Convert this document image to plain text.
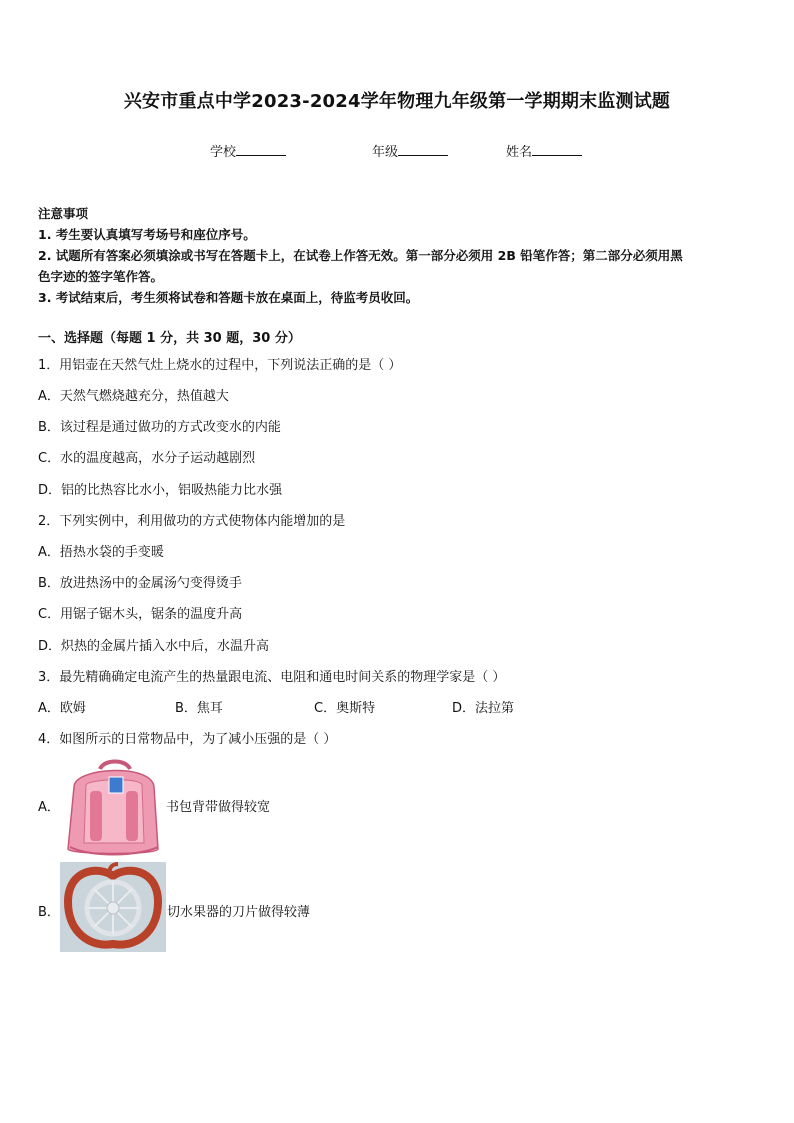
兴安市重点中学2023-2024学年物理九年级第一学期期末监测试题
学校	年级	姓名
注意事项
1. 考生要认真填写考场号和座位序号。
2. 试题所有答案必须填涂或书写在答题卡上，在试卷上作答无效。第一部分必须用 2B 铅笔作答；第二部分必须用黑
色字迹的签字笔作答。
3. 考试结束后，考生须将试卷和答题卡放在桌面上，待监考员收回。
一、选择题（每题 1 分，共 30 题，30 分）
1．用铝壶在天然气灶上烧水的过程中，下列说法正确的是（ ）
A．天然气燃烧越充分，热值越大
B．该过程是通过做功的方式改变水的内能
C．水的温度越高，水分子运动越剧烈
D．铝的比热容比水小，铝吸热能力比水强
2．下列实例中，利用做功的方式使物体内能增加的是
A．捂热水袋的手变暖
B．放进热汤中的金属汤勺变得烫手
C．用锯子锯木头，锯条的温度升高
D．炽热的金属片插入水中后，水温升高
3．最先精确确定电流产生的热量跟电流、电阻和通电时间关系的物理学家是（ ）
A．欧姆	B．焦耳	C．奥斯特	D．法拉第
4．如图所示的日常物品中，为了减小压强的是（ ）
A．	书包背带做得较宽
B．	切水果器的刀片做得较薄
